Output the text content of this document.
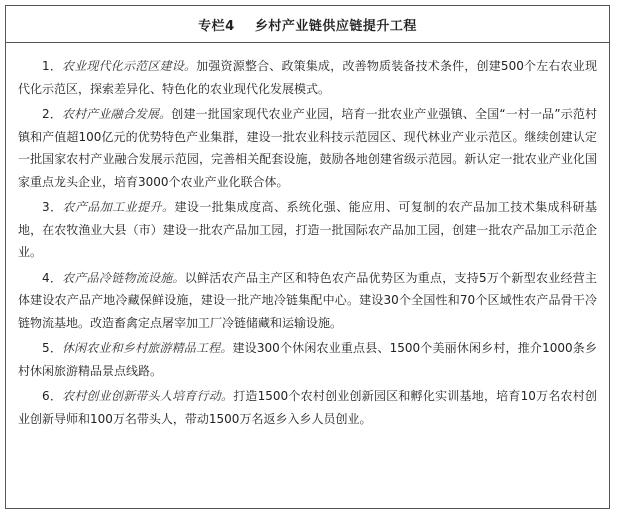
专栏4    乡村产业链供应链提升工程

1．农业现代化示范区建设。加强资源整合、政策集成，改善物质装备技术条件，创建500个左右农业现代化示范区，探索差异化、特色化的农业现代化发展模式。

2．农村产业融合发展。创建一批国家现代农业产业园，培育一批农业产业强镇、全国“一村一品”示范村镇和产值超100亿元的优势特色产业集群，建设一批农业科技示范园区、现代林业产业示范区。继续创建认定一批国家农村产业融合发展示范园，完善相关配套设施，鼓励各地创建省级示范园。新认定一批农业产业化国家重点龙头企业，培育3000个农业产业化联合体。

3．农产品加工业提升。建设一批集成度高、系统化强、能应用、可复制的农产品加工技术集成科研基地，在农牧渔业大县（市）建设一批农产品加工园，打造一批国际农产品加工园，创建一批农产品加工示范企业。

4．农产品冷链物流设施。以鲜活农产品主产区和特色农产品优势区为重点，支持5万个新型农业经营主体建设农产品产地冷藏保鲜设施，建设一批产地冷链集配中心。建设30个全国性和70个区域性农产品骨干冷链物流基地。改造畜禽定点屠宰加工厂冷链储藏和运输设施。

5．休闲农业和乡村旅游精品工程。建设300个休闲农业重点县、1500个美丽休闲乡村，推介1000条乡村休闲旅游精品景点线路。

6．农村创业创新带头人培育行动。打造1500个农村创业创新园区和孵化实训基地，培育10万名农村创业创新导师和100万名带头人，带动1500万名返乡入乡人员创业。
